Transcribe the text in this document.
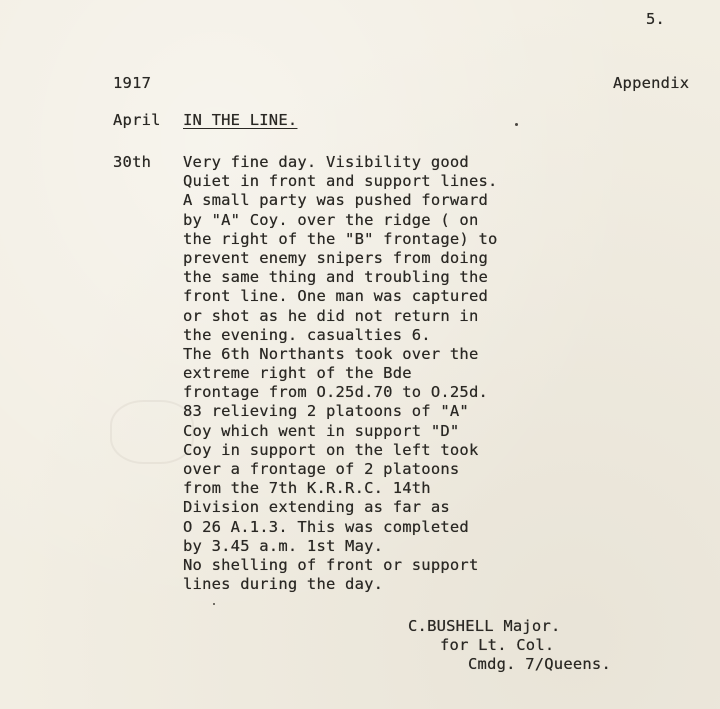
5.
1917	Appendix
April IN THE LINE.
30th Very fine day. Visibility good
Quiet in front and support lines.
A small party was pushed forward
by "A" Coy. over the ridge ( on
the right of the "B" frontage) to
prevent enemy snipers from doing
the same thing and troubling the
front line. One man was captured
or shot as he did not return in
the evening. casualties 6.
The 6th Northants took over the
extreme right of the Bde
frontage from O.25d.70 to O.25d.
83 relieving 2 platoons of "A"
Coy which went in support "D"
Coy in support on the left took
over a frontage of 2 platoons
from the 7th K.R.R.C. 14th
Division extending as far as
O 26 A.1.3. This was completed
by 3.45 a.m. 1st May.
No shelling of front or support
lines during the day.
C.BUSHELL Major.
for Lt. Col.
Cmdg. 7/Queens.
